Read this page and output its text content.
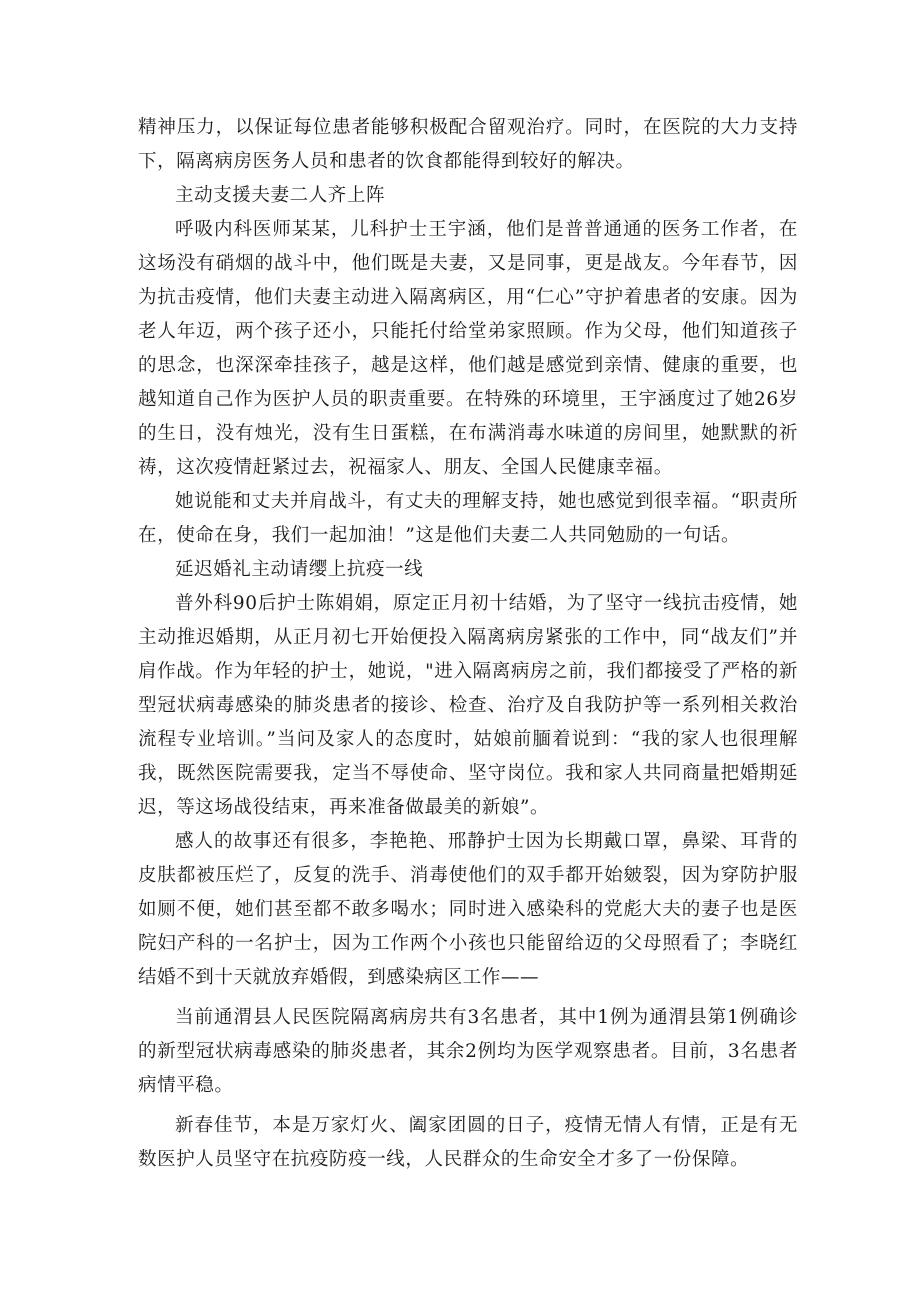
精神压力，以保证每位患者能够积极配合留观治疗。同时，在医院的大力支持下，隔离病房医务人员和患者的饮食都能得到较好的解决。

主动支援夫妻二人齐上阵

呼吸内科医师某某，儿科护士王宇涵，他们是普普通通的医务工作者，在这场没有硝烟的战斗中，他们既是夫妻，又是同事，更是战友。今年春节，因为抗击疫情，他们夫妻主动进入隔离病区，用“仁心”守护着患者的安康。因为老人年迈，两个孩子还小，只能托付给堂弟家照顾。作为父母，他们知道孩子的思念，也深深牵挂孩子，越是这样，他们越是感觉到亲情、健康的重要，也越知道自己作为医护人员的职责重要。在特殊的环境里，王宇涵度过了她26岁的生日，没有烛光，没有生日蛋糕，在布满消毒水味道的房间里，她默默的祈祷，这次疫情赶紧过去，祝福家人、朋友、全国人民健康幸福。

她说能和丈夫并肩战斗，有丈夫的理解支持，她也感觉到很幸福。“职责所在，使命在身，我们一起加油！”这是他们夫妻二人共同勉励的一句话。

延迟婚礼主动请缨上抗疫一线

普外科90后护士陈娟娟，原定正月初十结婚，为了坚守一线抗击疫情，她主动推迟婚期，从正月初七开始便投入隔离病房紧张的工作中，同“战友们”并肩作战。作为年轻的护士，她说，"进入隔离病房之前，我们都接受了严格的新型冠状病毒感染的肺炎患者的接诊、检查、治疗及自我防护等一系列相关救治流程专业培训。”当问及家人的态度时，姑娘前腼着说到：“我的家人也很理解我，既然医院需要我，定当不辱使命、坚守岗位。我和家人共同商量把婚期延迟，等这场战役结束，再来准备做最美的新娘”。

感人的故事还有很多，李艳艳、邢静护士因为长期戴口罩，鼻梁、耳背的皮肤都被压烂了，反复的洗手、消毒使他们的双手都开始皴裂，因为穿防护服如厕不便，她们甚至都不敢多喝水；同时进入感染科的党彪大夫的妻子也是医院妇产科的一名护士，因为工作两个小孩也只能留给迈的父母照看了；李晓红结婚不到十天就放弃婚假，到感染病区工作——

当前通渭县人民医院隔离病房共有3名患者，其中1例为通渭县第1例确诊的新型冠状病毒感染的肺炎患者，其余2例均为医学观察患者。目前，3名患者病情平稳。

新春佳节，本是万家灯火、阖家团圆的日子，疫情无情人有情，正是有无数医护人员坚守在抗疫防疫一线，人民群众的生命安全才多了一份保障。
